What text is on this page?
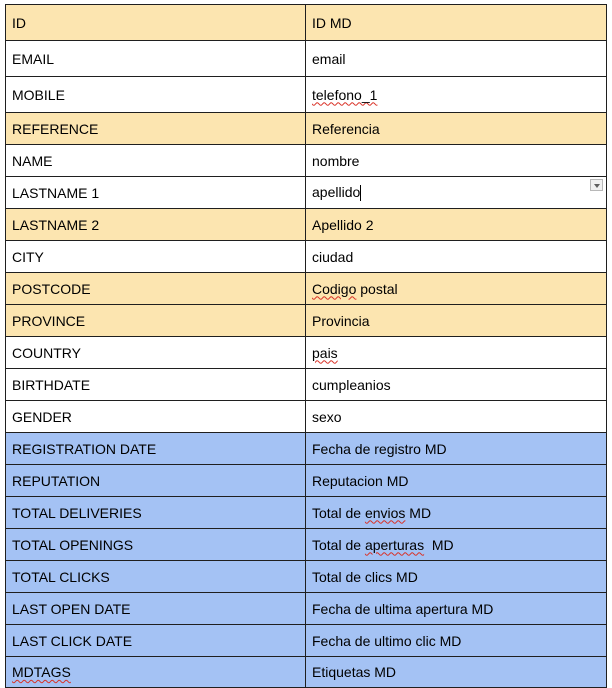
ID	ID MD
EMAIL	email
MOBILE	telefono_1
REFERENCE	Referencia
NAME	nombre
LASTNAME 1	apellido

LASTNAME 2	Apellido 2
CITY	ciudad
POSTCODE	Codigo postal
PROVINCE	Provincia
COUNTRY	pais
BIRTHDATE	cumpleanios
GENDER	sexo
REGISTRATION DATE	Fecha de registro MD
REPUTATION	Reputacion MD
TOTAL DELIVERIES	Total de envios MD
TOTAL OPENINGS	Total de aperturas  MD
TOTAL CLICKS	Total de clics MD
LAST OPEN DATE	Fecha de ultima apertura MD
LAST CLICK DATE	Fecha de ultimo clic MD
MDTAGS	Etiquetas MD
